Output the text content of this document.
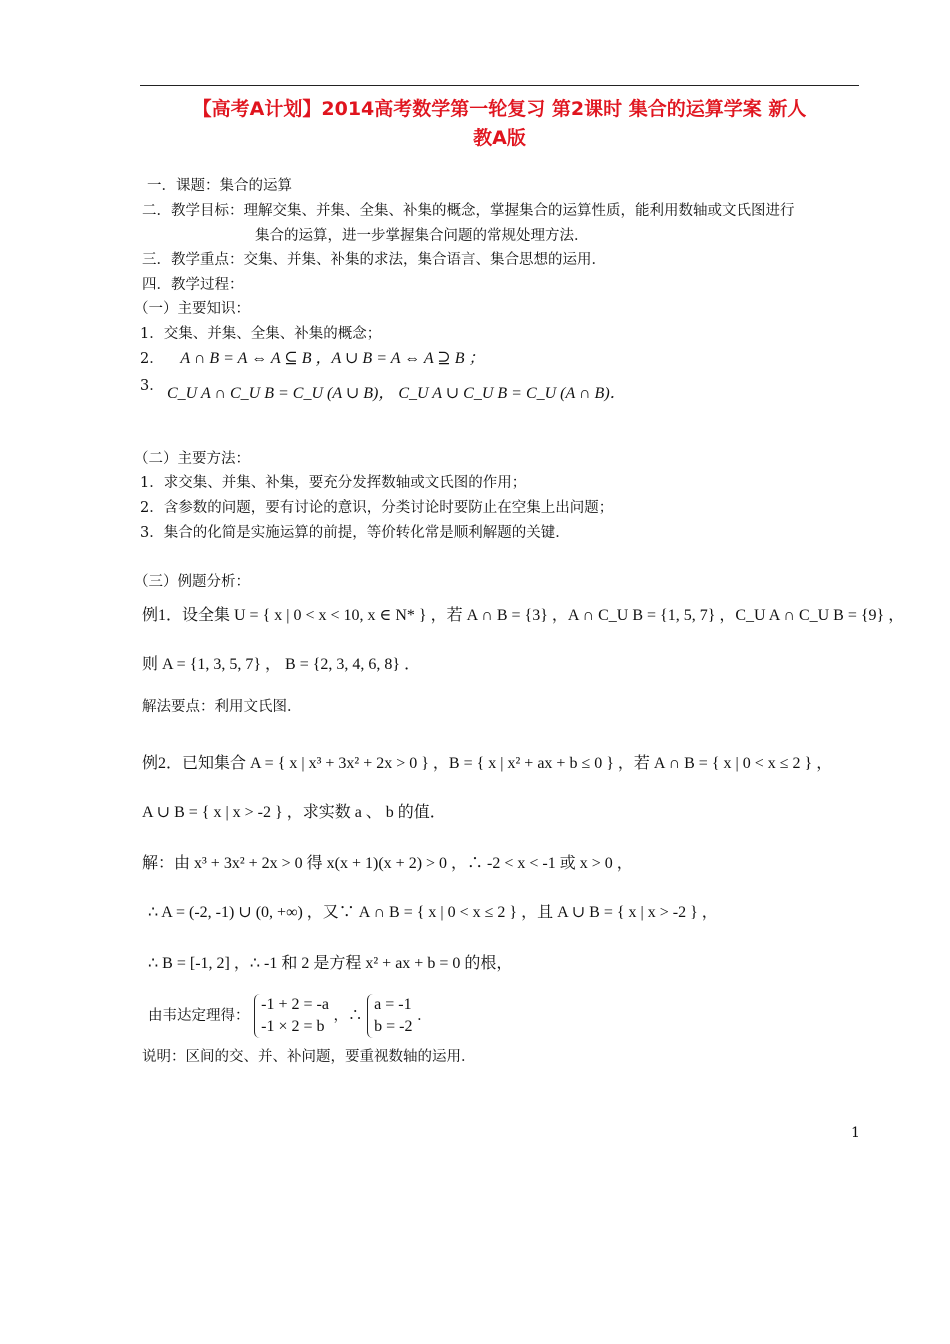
【高考A计划】2014高考数学第一轮复习 第2课时 集合的运算学案 新人
教A版
一．课题：集合的运算
二．教学目标：理解交集、并集、全集、补集的概念，掌握集合的运算性质，能利用数轴或文氏图进行
集合的运算，进一步掌握集合问题的常规处理方法．
三．教学重点：交集、并集、补集的求法，集合语言、集合思想的运用．
四．教学过程：
（一）主要知识：
1．交集、并集、全集、补集的概念；
2． A ∩ B = A ⇔ A ⊆ B ，A ∪ B = A ⇔ A ⊇ B ；
3． C_U A ∩ C_U B = C_U (A ∪ B)， C_U A ∪ C_U B = C_U (A ∩ B)．
（二）主要方法：
1．求交集、并集、补集，要充分发挥数轴或文氏图的作用；
2．含参数的问题，要有讨论的意识，分类讨论时要防止在空集上出问题；
3．集合的化简是实施运算的前提，等价转化常是顺利解题的关键．
（三）例题分析：
例1．设全集 U = { x | 0 < x < 10, x ∈ N* } ，若 A ∩ B = {3} ，A ∩ C_U B = {1, 5, 7} ，C_U A ∩ C_U B = {9} ，
则 A = {1, 3, 5, 7} ， B = {2, 3, 4, 6, 8} ．
解法要点：利用文氏图．
例2．已知集合 A = { x | x³ + 3x² + 2x > 0 } ，B = { x | x² + ax + b ≤ 0 } ，若 A ∩ B = { x | 0 < x ≤ 2 } ，
A ∪ B = { x | x > -2 } ，求实数 a 、 b 的值．
解：由 x³ + 3x² + 2x > 0 得 x(x + 1)(x + 2) > 0 ，∴ -2 < x < -1 或 x > 0 ，
∴ A = (-2, -1) ∪ (0, +∞) ，又∵ A ∩ B = { x | 0 < x ≤ 2 } ，且 A ∪ B = { x | x > -2 } ，
∴ B = [-1, 2] ，∴ -1 和 2 是方程 x² + ax + b = 0 的根，
由韦达定理得：
-1 + 2 = -a
-1 × 2 = b
，∴
a = -1
b = -2
．
说明：区间的交、并、补问题，要重视数轴的运用．
1
